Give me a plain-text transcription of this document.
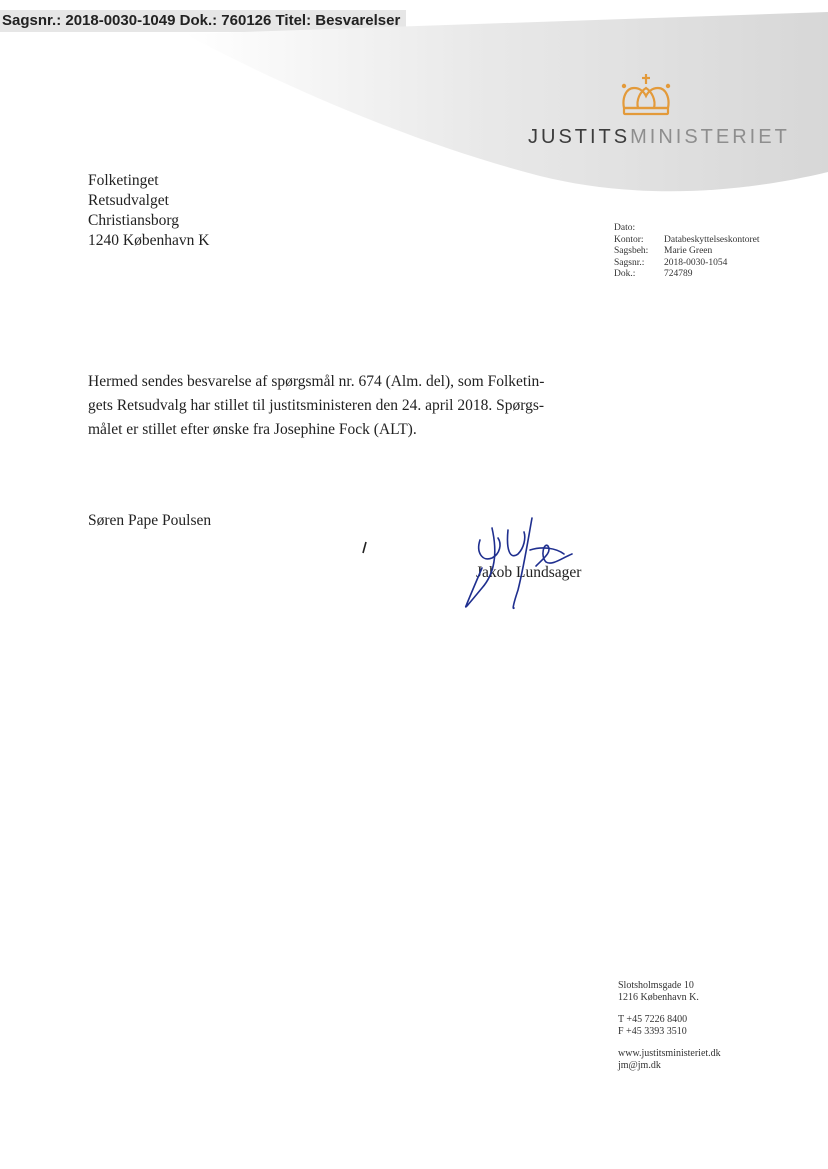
Sagsnr.: 2018-0030-1049 Dok.: 760126 Titel: Besvarelser
JUSTITSMINISTERIET
Folketinget
Retsudvalget
Christiansborg
1240 København K
Dato:
Kontor:	Databeskyttelseskontoret
Sagsbeh:	Marie Green
Sagsnr.:	2018-0030-1054
Dok.:	724789

Hermed sendes besvarelse af spørgsmål nr. 674 (Alm. del), som Folketin-

gets Retsudvalg har stillet til justitsministeren den 24. april 2018. Spørgs-

målet er stillet efter ønske fra Josephine Fock (ALT).

Søren Pape Poulsen
Jakob Lundsager
Slotsholmsgade 10
1216 København K.
T +45 7226 8400
F +45 3393 3510
www.justitsministeriet.dk
jm@jm.dk
